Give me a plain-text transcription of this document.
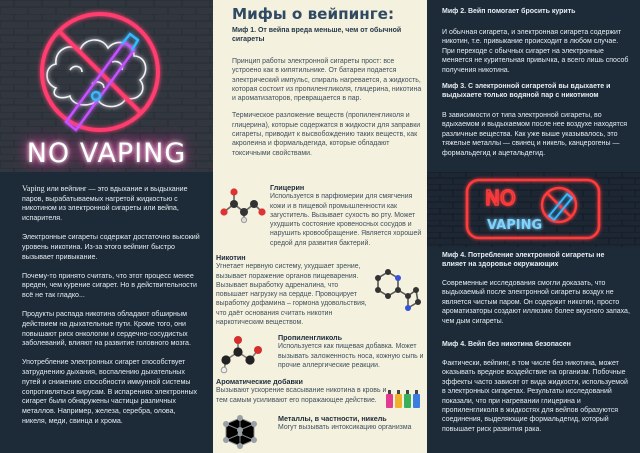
NO VAPING

Vaping или вейпинг — это вдыхание и выдыхание паров, вырабатываемых нагретой жидкостью с никотином из электронной сигареты или вейпа, испарителя.

Электронные сигареты содержат достаточно высокий уровень никотина. Из-за этого вейпинг быстро вызывает привыкание.

Почему-то принято считать, что этот процесс менее вреден, чем курение сигарет. Но в действительности всё не так гладко...

Продукты распада никотина обладают обширным действием на дыхательные пути. Кроме того, они повышают риск онкологии и сердечно-сосудистых заболеваний, влияют на развитие головного мозга.

Употребление электронных сигарет способствует затруднению дыхания, воспалению дыхательных путей и снижению способности иммунной системы сопротивляться вирусам. В испарениях электронных сигарет были обнаружены частицы различных металлов. Например, железа, серебра, олова, никеля, меди, свинца и хрома.

Мифы о вейпинге:
Миф 1. От вейпа вреда меньше, чем от обычной сигареты

Принцип работы электронной сигареты прост: все устроено как в кипятильнике. От батареи подается электрический импульс, спираль нагревается, а жидкость, которая состоит из пропиленгликоля, глицерина, никотина и ароматизаторов, превращается в пар.

Термическое разложение веществ (пропиленгликоля и глицерина), которые содержатся в жидкости для заправки сигареты, приводит к высвобождению таких веществ, как акролеина и формальдегида, которые обладают токсичными свойствами.

Глицерин
Используется в парфюмерии для смягчения кожи и в пищевой промышленности как загуститель. Вызывает сухость во рту. Может ухудшить состояние кровеносных сосудов и нарушить кровообращение. Является хорошей средой для развития бактерий.
Никотин
Угнетает нервную систему, ухудшает зрение, вызывает поражение органов пищеварения. Вызывает выработку адреналина, что повышает нагрузку на сердце. Провоцирует выработку дофамина – гормона удовольствия, что даёт основания считать никотин наркотическим веществом.
Пропиленгликоль
Используется как пищевая добавка. Может вызывать заложенность носа, кожную сыпь и прочие аллергические реакции.
Ароматические добавки
Вызывают ускорение всасывание никотина в кровь и тем самым усиливают его поражающее действие.
Металлы, в частности, никель
Могут вызывать интоксикацию организма
Миф 2. Вейп помогает бросить курить
И обычная сигарета, и электронная сигарета содержит никотин, т.е. привыкание происходит в любом случае. При переходе с обычных сигарет на электронные меняется не курительная привычка, а всего лишь способ получения никотина.
Миф 3. С электронной сигаретой вы вдыхаете и выдыхаете только водяной пар с никотином
В зависимости от типа электронной сигареты, во вдыхаемом и выдыхаемом после нее воздухе находятся различные вещества. Как уже выше указывалось, это тяжелые металлы — свинец и никель, канцерогены — формальдегид и ацетальдегид.
NO
VAPING
Миф 4. Потребление электронной сигареты не влияет на здоровье окружающих
Современные исследования смогли доказать, что выдыхаемый после электронной сигареты воздух не является чистым паром. Он содержит никотин, просто ароматизаторы создают иллюзию более вкусного запаха, чем дым сигареты.
Миф 4. Вейп без никотина безопасен
Фактически, вейпинг, в том числе без никотина, может оказывать вредное воздействие на организм. Побочные эффекты часто зависят от вида жидкости, используемой в электронных сигаретах. Результаты исследований показали, что при нагревании глицерина и пропиленгликоля в жидкостях для вейпов образуются соединения, выделяющие формальдегид, который повышает риск развития рака.
